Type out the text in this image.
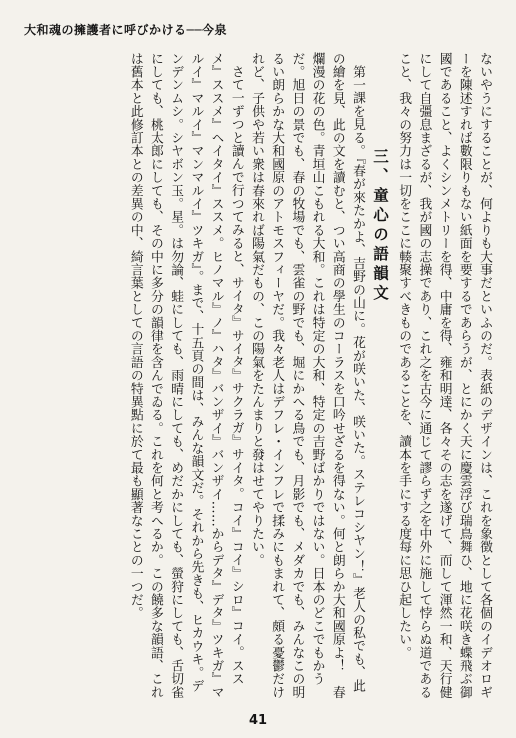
大和魂の擁護者に呼びかける──今泉

ないやうにすることが、何よりも大事だといふのだ。表紙のデザインは、これを象徴として各個のイデオロギーを陳述すれば數限りもない紙面を要するであらうが、とにかく天に慶雲浮び瑞鳥舞ひ、地に花咲き蝶飛ぶ御國であること、よくシンメトリーを得、中庸を得、雍和明達、各々その志を遂げて、而して渾然一和、天行健にして自彊息まざるが、我が國の志操であり、これ之を古今に通じて謬らず之を中外に施して悖らぬ道であること、我々の努力は一切をここに輳聚すべきものであることを、讀本を手にする度每に思ひ起したい。

三、童心の語韻文

第一課を見る。『春が來たかよ、吉野の山に。花が咲いた、咲いた。ステレコシヤン！』老人の私でも、此の繪を見、此の文を讀むと、つい高商の學生のコーラスを口吟せざるを得ない。何と朗らか大和國原よ！　春爛漫の花の色。青垣山こもれる大和。これは特定の大和、特定の吉野ばかりではない。日本のどこでもかうだ。旭日の景でも、春の牧場でも、雲雀の野でも、堀にかへる鳥でも、月影でも、メダカでも、みんなこの明るい朗らかな大和國原のアトモスフィーヤだ。我々老人はデフレ・インフレで揉みにもまれて、頗る憂鬱だけれど、子供や若い衆は春來れば陽氣だもの、この陽氣をたんまりと發はせてやりたい。

さて一ずつと讀んで行つてみると、サイタ』サイタ』サクラガ』サイタ。コイ』コイ』シロ』コイ。ススメ』ススメ』ヘイタイ』ススメ。ヒノマル』ノ』ハタ』バンザイ』バンザイ……からデタ』デタ』ツキガ』マルイ』マルイ』マンマルイ』ツキガ』。まで、十五頁の間は、みんな韻文だ。それから先きも、ヒカウキ。デンデンムシ。シヤボン玉。星。は勿論、蛙にしても、雨晴にしても、めだかにしても、螢狩にしても、舌切雀にしても、桃太郎にしても、その中に多分の韻律を含んでゐる。これを何と考へるか。この饒多な韻語、これは舊本と此修訂本との差異の中、綺言葉としての言語の特異點に於て最も顯著なことの一つだ。

41
